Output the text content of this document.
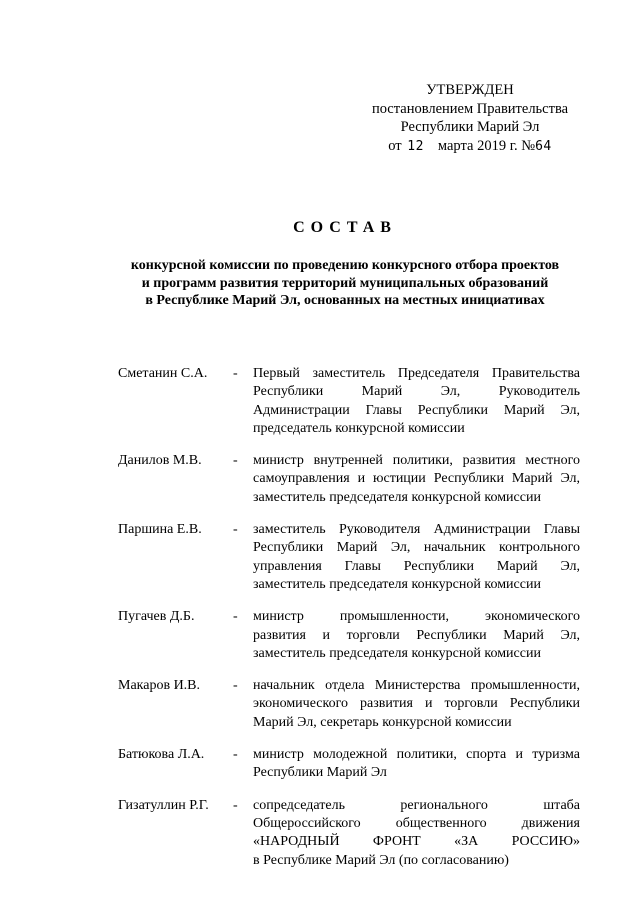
УТВЕРЖДЕН
постановлением Правительства
Республики Марий Эл
от 12 марта 2019 г. №64
СОСТАВ
конкурсной комиссии по проведению конкурсного отбора проектов
и программ развития территорий муниципальных образований
в Республике Марий Эл, основанных на местных инициативах
Сметанин С.А.	-	Первый заместитель Председателя Правительства
Республики Марий Эл, Руководитель
Администрации Главы Республики Марий Эл,
председатель конкурсной комиссии
Данилов М.В.	-	министр внутренней политики, развития местного
самоуправления и юстиции Республики Марий Эл,
заместитель председателя конкурсной комиссии
Паршина Е.В.	-	заместитель Руководителя Администрации Главы
Республики Марий Эл, начальник контрольного
управления Главы Республики Марий Эл,
заместитель председателя конкурсной комиссии
Пугачев Д.Б.	-	министр промышленности, экономического
развития и торговли Республики Марий Эл,
заместитель председателя конкурсной комиссии
Макаров И.В.	-	начальник отдела Министерства промышленности,
экономического развития и торговли Республики
Марий Эл, секретарь конкурсной комиссии
Батюкова Л.А.	-	министр молодежной политики, спорта и туризма
Республики Марий Эл
Гизатуллин Р.Г.	-	сопредседатель регионального штаба
Общероссийского общественного движения
«НАРОДНЫЙ ФРОНТ «ЗА РОССИЮ»
в Республике Марий Эл (по согласованию)
